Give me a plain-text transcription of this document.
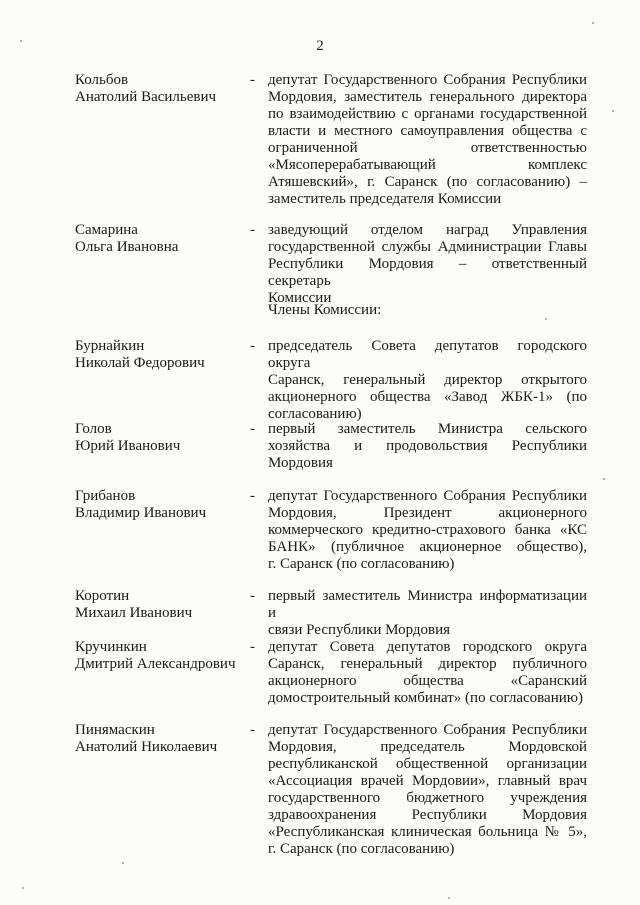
2
Кольбов
Анатолий Васильевич
- депутат Государственного Собрания Республики
Мордовия, заместитель генерального директора
по взаимодействию с органами государственной
власти и местного самоуправления общества с
ограниченной ответственностью
«Мясоперерабатывающий комплекс
Атяшевский», г. Саранск (по согласованию) –
заместитель председателя Комиссии
Самарина
Ольга Ивановна
- заведующий отделом наград Управления
государственной службы Администрации Главы
Республики Мордовия – ответственный секретарь
Комиссии
Члены Комиссии:
Бурнайкин
Николай Федорович
- председатель Совета депутатов городского округа
Саранск, генеральный директор открытого
акционерного общества «Завод ЖБК-1» (по
согласованию)
Голов
Юрий Иванович
- первый заместитель Министра сельского
хозяйства и продовольствия Республики
Мордовия
Грибанов
Владимир Иванович
- депутат Государственного Собрания Республики
Мордовия, Президент акционерного
коммерческого кредитно-страхового банка «КС
БАНК» (публичное акционерное общество),
г. Саранск (по согласованию)
Коротин
Михаил Иванович
- первый заместитель Министра информатизации и
связи Республики Мордовия
Кручинкин
Дмитрий Александрович
- депутат Совета депутатов городского округа
Саранск, генеральный директор публичного
акционерного общества «Саранский
домостроительный комбинат» (по согласованию)
Пинямаскин
Анатолий Николаевич
- депутат Государственного Собрания Республики
Мордовия, председатель Мордовской
республиканской общественной организации
«Ассоциация врачей Мордовии», главный врач
государственного бюджетного учреждения
здравоохранения Республики Мордовия
«Республиканская клиническая больница № 5»,
г. Саранск (по согласованию)
